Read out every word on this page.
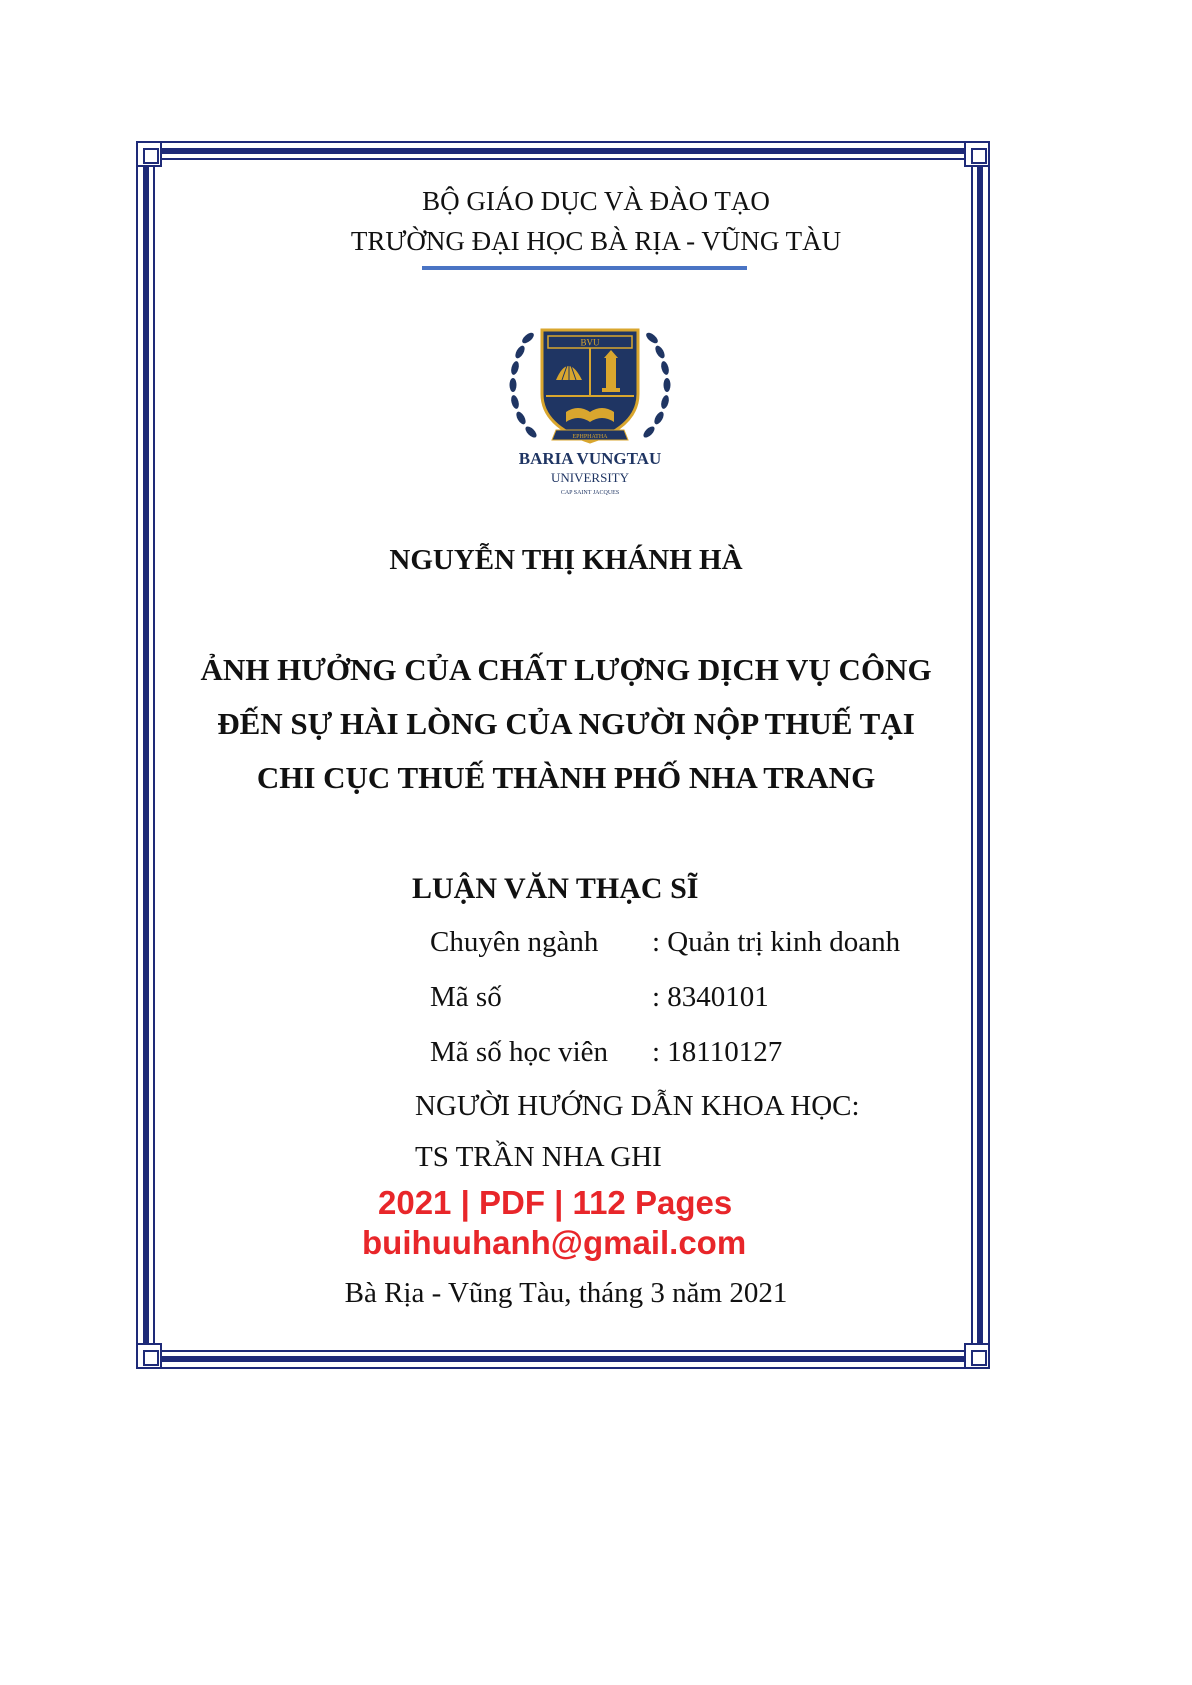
BỘ GIÁO DỤC VÀ ĐÀO TẠO
TRƯỜNG ĐẠI HỌC BÀ RỊA - VŨNG TÀU
BVU
EPHPHATHA
BARIA VUNGTAU
UNIVERSITY
CAP SAINT JACQUES
NGUYỄN THỊ KHÁNH HÀ
ẢNH HƯỞNG CỦA CHẤT LƯỢNG DỊCH VỤ CÔNG
ĐẾN SỰ HÀI LÒNG CỦA NGƯỜI NỘP THUẾ TẠI
CHI CỤC THUẾ THÀNH PHỐ NHA TRANG
LUẬN VĂN THẠC SĨ
Chuyên ngành : Quản trị kinh doanh
Mã số	: 8340101
Mã số học viên : 18110127
NGƯỜI HƯỚNG DẪN KHOA HỌC:
TS TRẦN NHA GHI
2021 | PDF | 112 Pages
buihuuhanh@gmail.com
Bà Rịa - Vũng Tàu, tháng 3 năm 2021
